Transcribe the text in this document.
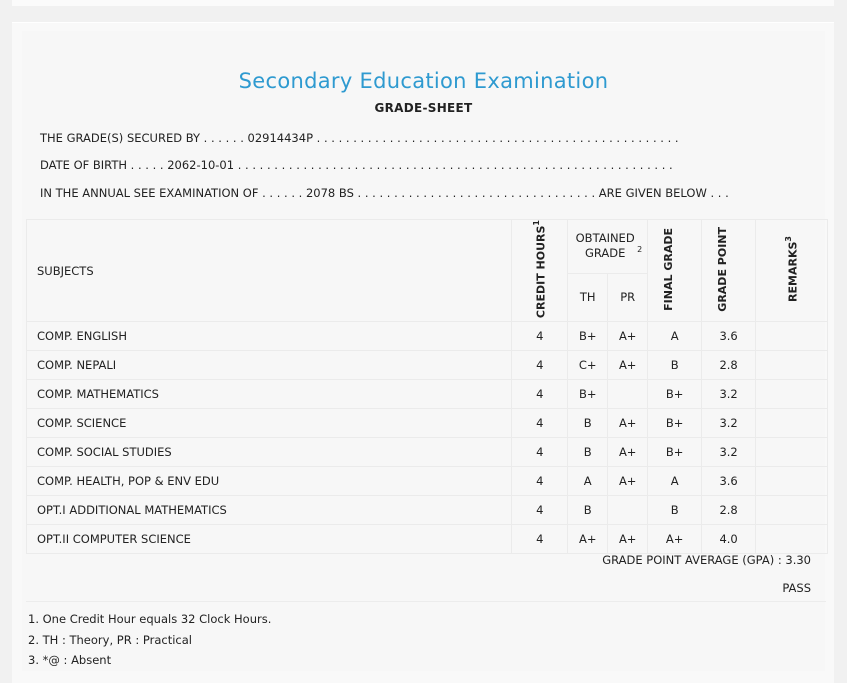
Secondary Education Examination
GRADE-SHEET
THE GRADE(S) SECURED BY . . . . . . 02914434P . . . . . . . . . . . . . . . . . . . . . . . . . . . . . . . . . . . . . . . . . . . . . . . . . .
DATE OF BIRTH . . . . . 2062-10-01 . . . . . . . . . . . . . . . . . . . . . . . . . . . . . . . . . . . . . . . . . . . . . . . . . . . . . . . . . . . .
IN THE ANNUAL SEE EXAMINATION OF . . . . . . 2078 BS . . . . . . . . . . . . . . . . . . . . . . . . . . . . . . . . . ARE GIVEN BELOW . . .
SUBJECTS	CREDIT HOURS$^1$	OBTAINED GRADE $^2$		FINAL GRADE	GRADE POINT	REMARKS$^3$
		TH	PR			
COMP. ENGLISH	4	B+	A+	A	3.6	
COMP. NEPALI	4	C+	A+	B	2.8	
COMP. MATHEMATICS	4	B+		B+	3.2	
COMP. SCIENCE	4	B	A+	B+	3.2	
COMP. SOCIAL STUDIES	4	B	A+	B+	3.2	
COMP. HEALTH, POP & ENV EDU	4	A	A+	A	3.6	
OPT.I ADDITIONAL MATHEMATICS	4	B		B	2.8	
OPT.II COMPUTER SCIENCE	4	A+	A+	A+	4.0	
GRADE POINT AVERAGE (GPA) : 3.30
PASS
1. One Credit Hour equals 32 Clock Hours.
2. TH : Theory, PR : Practical
3. *@ : Absent
